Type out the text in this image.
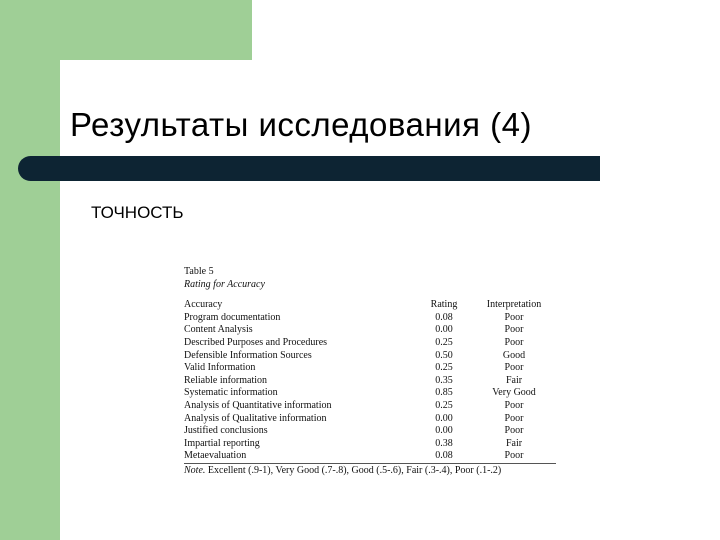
Результаты исследования (4)
ТОЧНОСТЬ
Table 5
Rating for Accuracy
Accuracy	Rating	Interpretation
Program documentation	0.08	Poor
Content Analysis	0.00	Poor
Described Purposes and Procedures	0.25	Poor
Defensible Information Sources	0.50	Good
Valid Information	0.25	Poor
Reliable information	0.35	Fair
Systematic information	0.85	Very Good
Analysis of Quantitative information	0.25	Poor
Analysis of Qualitative information	0.00	Poor
Justified conclusions	0.00	Poor
Impartial reporting	0.38	Fair
Metaevaluation	0.08	Poor
Note. Excellent (.9-1), Very Good (.7-.8), Good (.5-.6), Fair (.3-.4), Poor (.1-.2)
